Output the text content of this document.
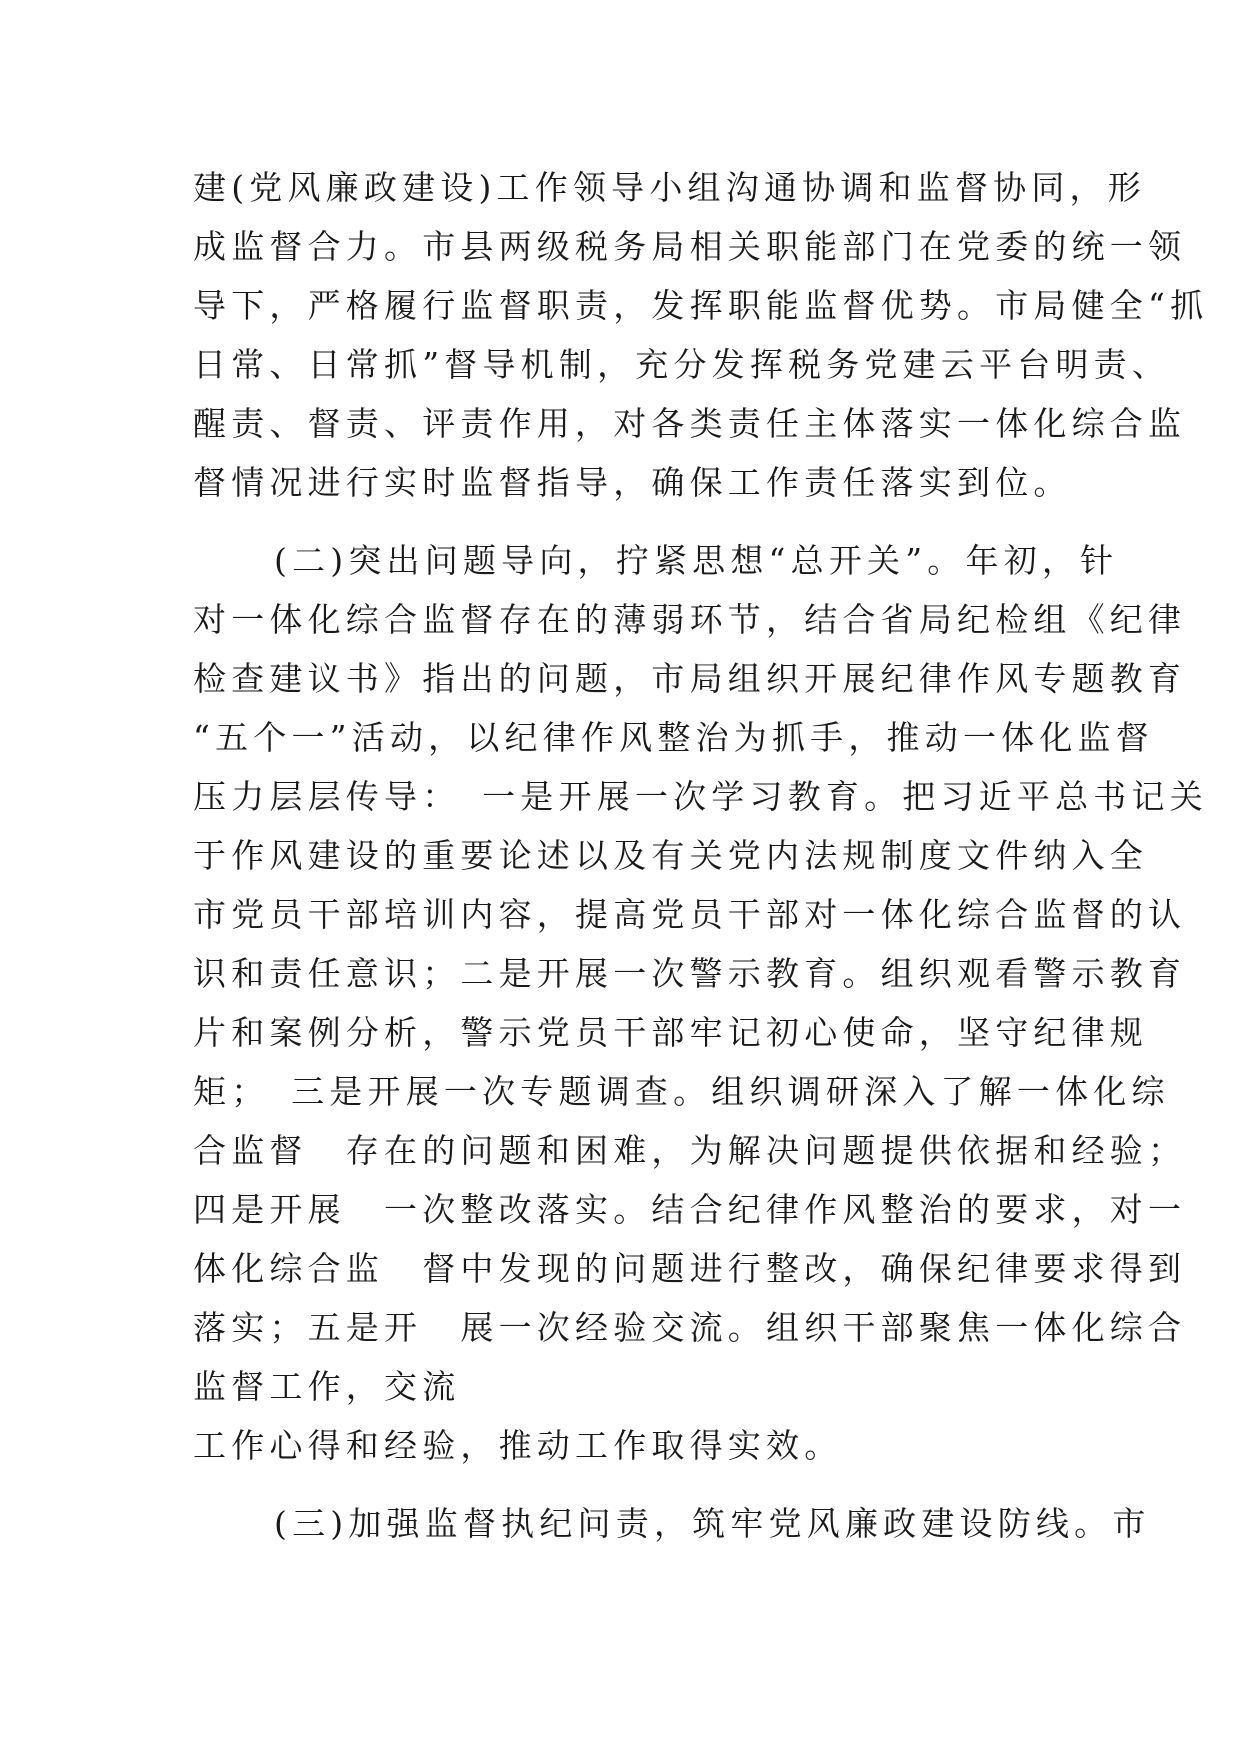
建(党风廉政建设)工作领导小组沟通协调和监督协同，形
成监督合力。市县两级税务局相关职能部门在党委的统一领
导下，严格履行监督职责，发挥职能监督优势。市局健全“抓
日常、日常抓”督导机制，充分发挥税务党建云平台明责、
醒责、督责、评责作用，对各类责任主体落实一体化综合监
督情况进行实时监督指导，确保工作责任落实到位。
(二)突出问题导向，拧紧思想“总开关”。年初，针
对一体化综合监督存在的薄弱环节，结合省局纪检组《纪律
检查建议书》指出的问题，市局组织开展纪律作风专题教育
“五个一”活动，以纪律作风整治为抓手，推动一体化监督
压力层层传导：　一是开展一次学习教育。把习近平总书记关
于作风建设的重要论述以及有关党内法规制度文件纳入全
市党员干部培训内容，提高党员干部对一体化综合监督的认
识和责任意识；二是开展一次警示教育。组织观看警示教育
片和案例分析，警示党员干部牢记初心使命，坚守纪律规
矩；　三是开展一次专题调查。组织调研深入了解一体化综
合监督　存在的问题和困难，为解决问题提供依据和经验；
四是开展　一次整改落实。结合纪律作风整治的要求，对一
体化综合监　督中发现的问题进行整改，确保纪律要求得到
落实；五是开　展一次经验交流。组织干部聚焦一体化综合
监督工作，交流
工作心得和经验，推动工作取得实效。
(三)加强监督执纪问责，筑牢党风廉政建设防线。市
